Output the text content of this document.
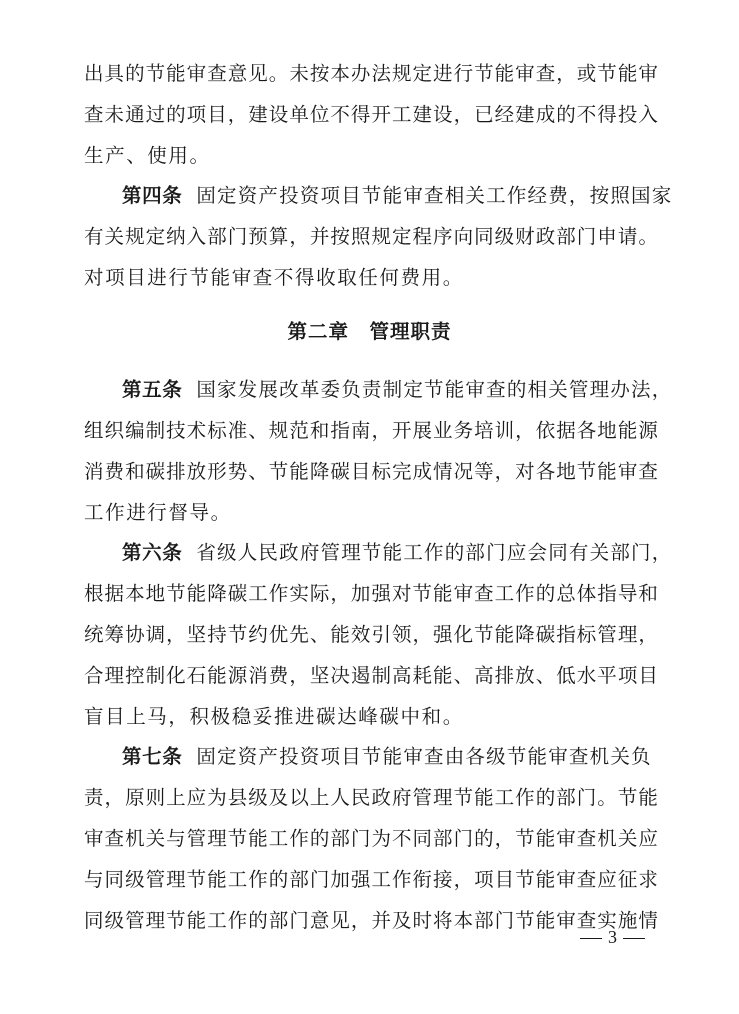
出 具 的 节 能 审 查 意 见 。 未 按 本 办 法 规 定 进 行 节 能 审 查 ， 或 节 能 审
查 未 通 过 的 项 目 ， 建 设 单 位 不 得 开 工 建 设 ， 已 经 建 成 的 不 得 投 入
生产、使用。
第四条 固定资产投资项目节能审查相关工作经费，按照国家
有 关 规 定 纳 入 部 门 预 算 ， 并 按 照 规 定 程 序 向 同 级 财 政 部 门 申 请 。
对项目进行节能审查不得收取任何费用。
第二章　管理职责
第五条 国家发展改革委负责制定节能审查的相关管理办法，
组 织 编 制 技 术 标 准 、 规 范 和 指 南 ， 开 展 业 务 培 训 ， 依 据 各 地 能 源
消 费 和 碳 排 放 形 势 、 节 能 降 碳 目 标 完 成 情 况 等 ， 对 各 地 节 能 审 查
工作进行督导。
第六条 省级人民政府管理节能工作的部门应会同有关部门，
根 据 本 地 节 能 降 碳 工 作 实 际 ， 加 强 对 节 能 审 查 工 作 的 总 体 指 导 和
统 筹 协 调 ， 坚 持 节 约 优 先 、 能 效 引 领 ， 强 化 节 能 降 碳 指 标 管 理 ，
合 理 控 制 化 石 能 源 消 费 ， 坚 决 遏 制 高 耗 能 、 高 排 放 、 低 水 平 项 目
盲目上马，积极稳妥推进碳达峰碳中和。
第七条 固定资产投资项目节能审查由各级节能审查机关负
责 ， 原 则 上 应 为 县 级 及 以 上 人 民 政 府 管 理 节 能 工 作 的 部 门 。 节 能
审 查 机 关 与 管 理 节 能 工 作 的 部 门 为 不 同 部 门 的 ， 节 能 审 查 机 关 应
与 同 级 管 理 节 能 工 作 的 部 门 加 强 工 作 衔 接 ， 项 目 节 能 审 查 应 征 求
同 级 管 理 节 能 工 作 的 部 门 意 见 ， 并 及 时 将 本 部 门 节 能 审 查 实 施 情
3
